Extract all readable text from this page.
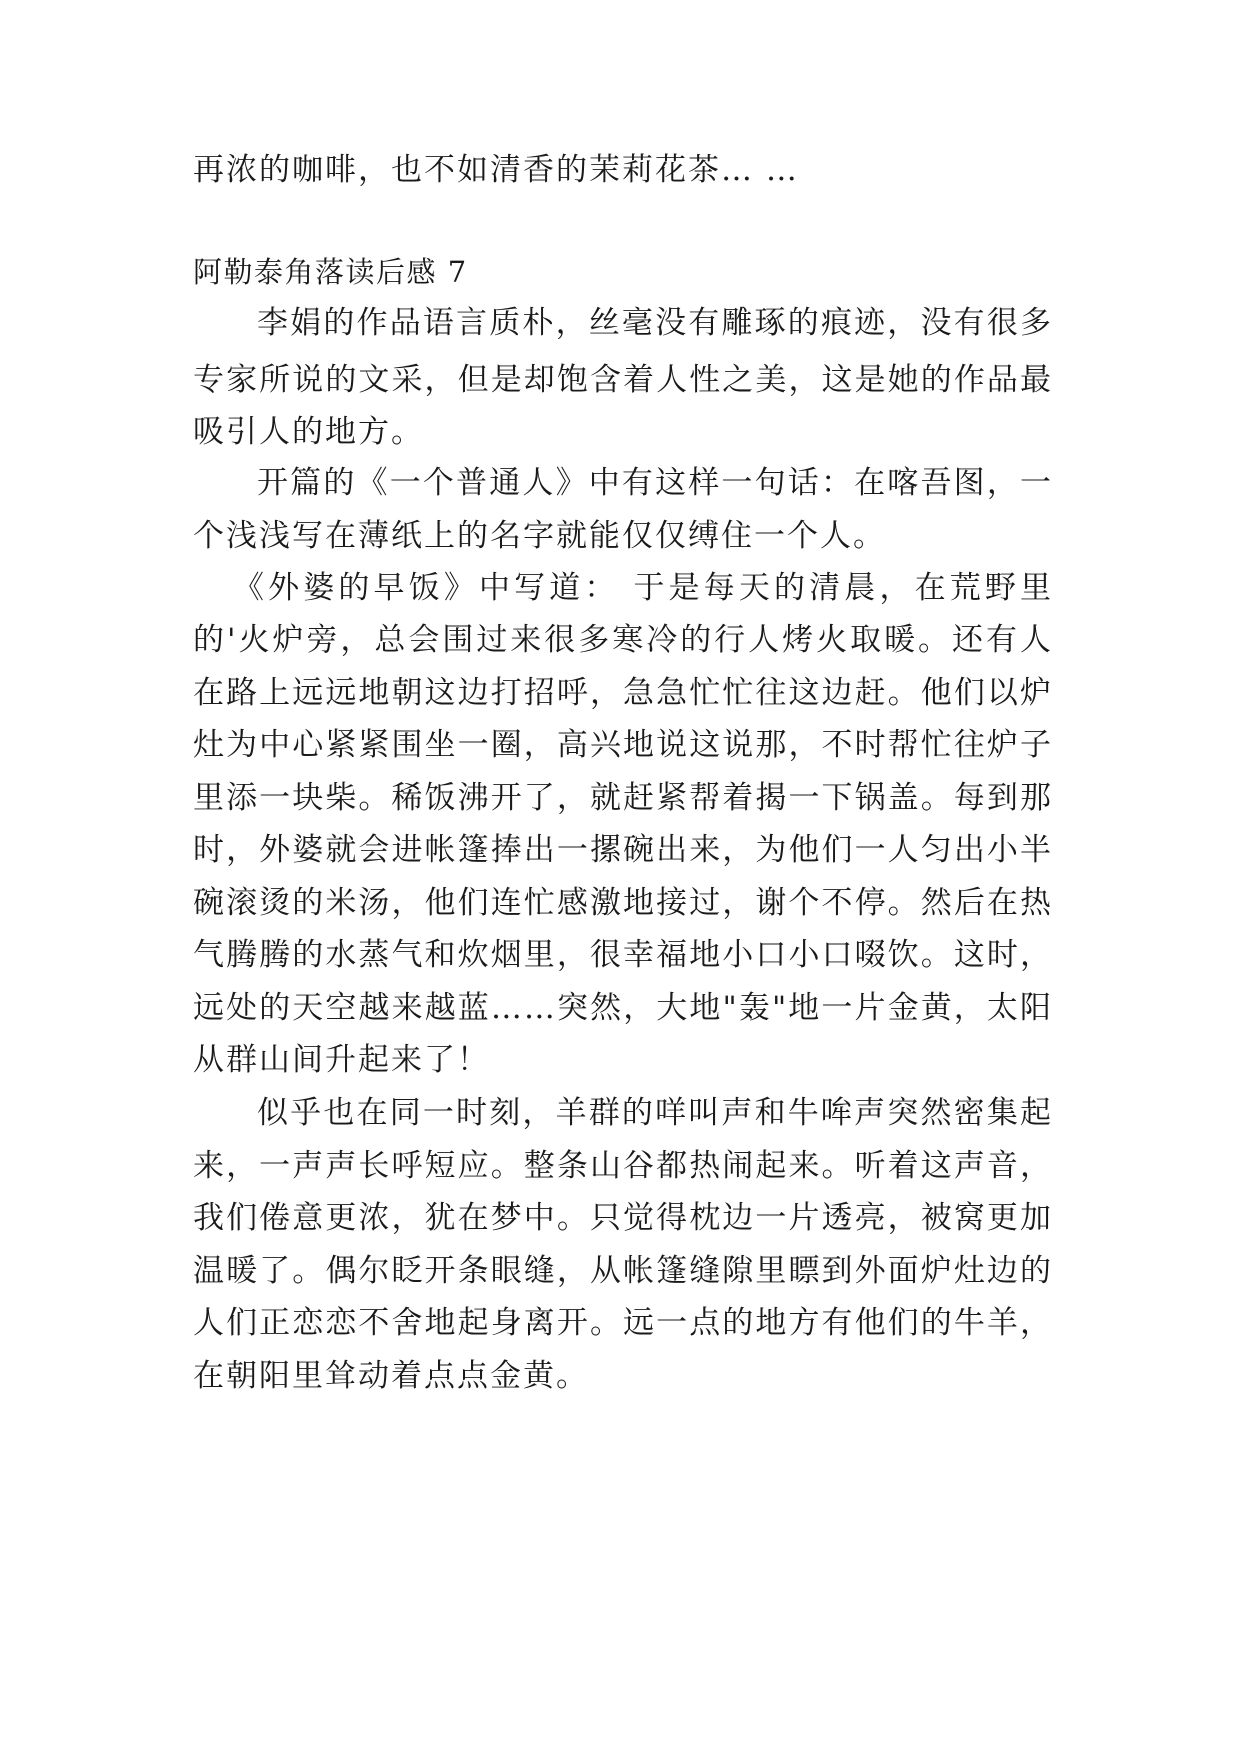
再浓的咖啡，也不如清香的茉莉花茶… …
阿勒泰角落读后感 7
李娟的作品语言质朴，丝毫没有雕琢的痕迹，没有很多
专家所说的文采，但是却饱含着人性之美，这是她的作品最
吸引人的地方。
开篇的《一个普通人》中有这样一句话：在喀吾图，一
个浅浅写在薄纸上的名字就能仅仅缚住一个人。
《外婆的早饭》中写道： 于是每天的清晨，在荒野里
的'火炉旁，总会围过来很多寒冷的行人烤火取暖。还有人
在路上远远地朝这边打招呼，急急忙忙往这边赶。他们以炉
灶为中心紧紧围坐一圈，高兴地说这说那，不时帮忙往炉子
里添一块柴。稀饭沸开了，就赶紧帮着揭一下锅盖。每到那
时，外婆就会进帐篷捧出一摞碗出来，为他们一人匀出小半
碗滚烫的米汤，他们连忙感激地接过，谢个不停。然后在热
气腾腾的水蒸气和炊烟里，很幸福地小口小口啜饮。这时，
远处的天空越来越蓝……突然，大地"轰"地一片金黄，太阳
从群山间升起来了！
似乎也在同一时刻，羊群的咩叫声和牛哞声突然密集起
来，一声声长呼短应。整条山谷都热闹起来。听着这声音，
我们倦意更浓，犹在梦中。只觉得枕边一片透亮，被窝更加
温暖了。偶尔眨开条眼缝，从帐篷缝隙里瞟到外面炉灶边的
人们正恋恋不舍地起身离开。远一点的地方有他们的牛羊，
在朝阳里耸动着点点金黄。
